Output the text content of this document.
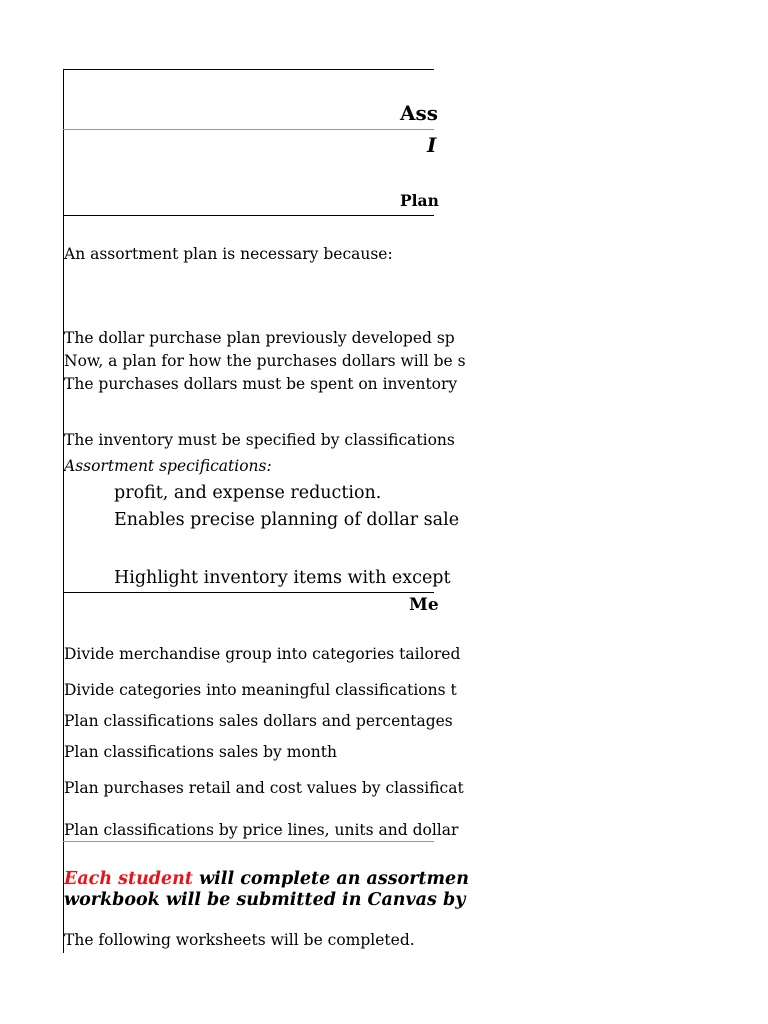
Ass
I
Plan
An assortment plan is necessary because:
The dollar purchase plan previously developed sp
Now, a plan for how the purchases dollars will be s
The purchases dollars must be spent on inventory
The inventory must be specified by classifications
Assortment specifications:
profit, and expense reduction.
Enables precise planning of dollar sale
Highlight inventory items with except
Me
Divide merchandise group into categories tailored
Divide categories into meaningful classifications t
Plan classifications sales dollars and percentages
Plan classifications sales by month
Plan purchases retail and cost values by classificat
Plan classifications by price lines, units and dollar
Each student will complete an assortmen
workbook will be submitted in Canvas by
The following worksheets will be completed.
